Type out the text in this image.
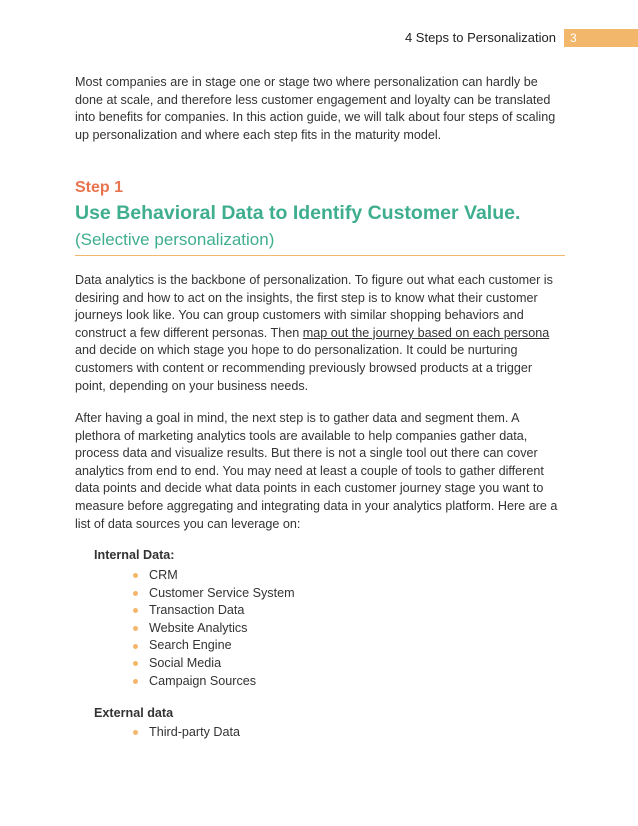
4 Steps to Personalization	3

Most companies are in stage one or stage two where personalization can hardly be done at scale, and therefore less customer engagement and loyalty can be translated into benefits for companies. In this action guide, we will talk about four steps of scaling up personalization and where each step fits in the maturity model.

Step 1
Use Behavioral Data to Identify Customer Value.
(Selective personalization)

Data analytics is the backbone of personalization. To figure out what each customer is desiring and how to act on the insights, the first step is to know what their customer journeys look like. You can group customers with similar shopping behaviors and construct a few different personas. Then map out the journey based on each persona and decide on which stage you hope to do personalization. It could be nurturing customers with content or recommending previously browsed products at a trigger point, depending on your business needs.

After having a goal in mind, the next step is to gather data and segment them. A plethora of marketing analytics tools are available to help companies gather data, process data and visualize results. But there is not a single tool out there can cover analytics from end to end. You may need at least a couple of tools to gather different data points and decide what data points in each customer journey stage you want to measure before aggregating and integrating data in your analytics platform. Here are a list of data sources you can leverage on:

Internal Data:
CRM
Customer Service System
Transaction Data
Website Analytics
Search Engine
Social Media
Campaign Sources
External data
Third-party Data
